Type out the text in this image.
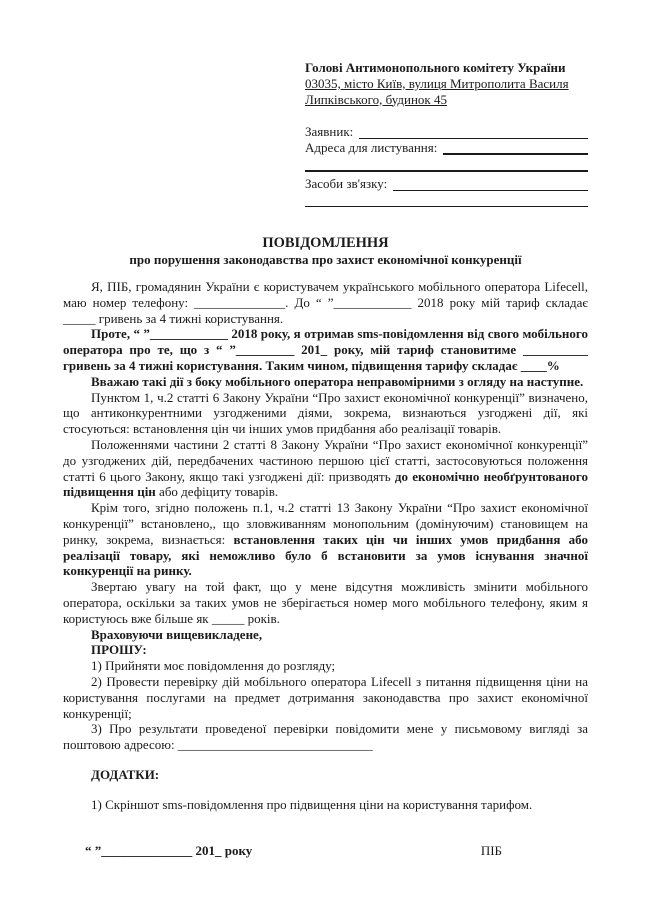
Голові Антимонопольного комітету України 03035, місто Київ, вулиця Митрополита Василя Липківського, будинок 45
Заявник:
Адреса для листування:
Засоби зв'язку:
ПОВІДОМЛЕННЯ
про порушення законодавства про захист економічної конкуренції

Я, ПІБ, громадянин України є користувачем українського мобільного оператора Lifecell, маю номер телефону: ______________. До “ ”____________ 2018 року мій тариф складає _____ гривень за 4 тижні користування.

Проте, “ ”____________ 2018 року, я отримав sms-повідомлення від свого мобільного оператора про те, що з “ ”_________ 201_ року, мій тариф становитиме __________ гривень за 4 тижні користування. Таким чином, підвищення тарифу складає ____%

Вважаю такі дії з боку мобільного оператора неправомірними з огляду на наступне.

Пунктом 1, ч.2 статті 6 Закону України “Про захист економічної конкуренції” визначено, що антиконкурентними узгодженими діями, зокрема, визнаються узгоджені дії, які стосуються: встановлення цін чи інших умов придбання або реалізації товарів.

Положеннями частини 2 статті 8 Закону України “Про захист економічної конкуренції” до узгоджених дій, передбачених частиною першою цієї статті, застосовуються положення статті 6 цього Закону, якщо такі узгоджені дії: призводять до економічно необґрунтованого підвищення цін або дефіциту товарів.

Крім того, згідно положень п.1, ч.2 статті 13 Закону України “Про захист економічної конкуренції” встановлено,, що зловживанням монопольним (домінуючим) становищем на ринку, зокрема, визнається: встановлення таких цін чи інших умов придбання або реалізації товару, які неможливо було б встановити за умов існування значної конкуренції на ринку.

Звертаю увагу на той факт, що у мене відсутня можливість змінити мобільного оператора, оскільки за таких умов не зберігається номер мого мобільного телефону, яким я користуюсь вже більше як _____ років.

Враховуючи вищевикладене,

ПРОШУ:

1) Прийняти моє повідомлення до розгляду;

2) Провести перевірку дій мобільного оператора Lifecell з питання підвищення ціни на користування послугами на предмет дотримання законодавства про захист економічної конкуренції;

3) Про результати проведеної перевірки повідомити мене у письмовому вигляді за поштовою адресою: ______________________________

ДОДАТКИ:

1) Скріншот sms-повідомлення про підвищення ціни на користування тарифом.

“ ”______________ 201_ року	ПІБ
